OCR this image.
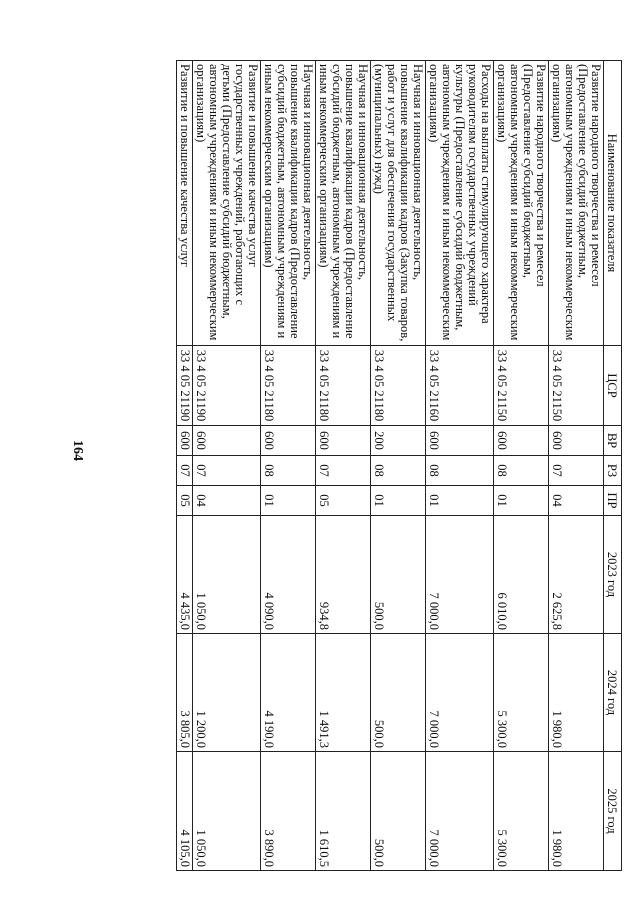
164
Наименование показателя	ЦСР	ВР	РЗ	ПР	2023 год	2024 год	2025 год
Развитие народного творчества и ремесел (Предоставление субсидий бюджетным, автономным учреждениям и иным некоммерческим организациям)	33 4 05 21150	600	07	04	2 625,8	1 980,0	1 980,0
Развитие народного творчества и ремесел (Предоставление субсидий бюджетным, автономным учреждениям и иным некоммерческим организациям)	33 4 05 21150	600	08	01	6 010,0	5 300,0	5 300,0
Расходы на выплаты стимулирующего характера руководителям государственных учреждений культуры (Предоставление субсидий бюджетным, автономным учреждениям и иным некоммерческим организациям)	33 4 05 21160	600	08	01	7 000,0	7 000,0	7 000,0
Научная и инновационная деятельность, повышение квалификации кадров (Закупка товаров, работ и услуг для обеспечения государственных (муниципальных) нужд)	33 4 05 21180	200	08	01	500,0	500,0	500,0
Научная и инновационная деятельность, повышение квалификации кадров (Предоставление субсидий бюджетным, автономным учреждениям и иным некоммерческим организациям)	33 4 05 21180	600	07	05	934,8	1 491,3	1 610,5
Научная и инновационная деятельность, повышение квалификации кадров (Предоставление субсидий бюджетным, автономным учреждениям и иным некоммерческим организациям)	33 4 05 21180	600	08	01	4 090,0	4 190,0	3 890,0
Развитие и повышение качества услуг государственных учреждений, работающих с детьми (Предоставление субсидий бюджетным, автономным учреждениям и иным некоммерческим организациям)	33 4 05 21190	600	07	04	1 050,0	1 200,0	1 050,0
Развитие и повышение качества услуг	33 4 05 21190	600	07	05	4 435,0	3 805,0	4 105,0
